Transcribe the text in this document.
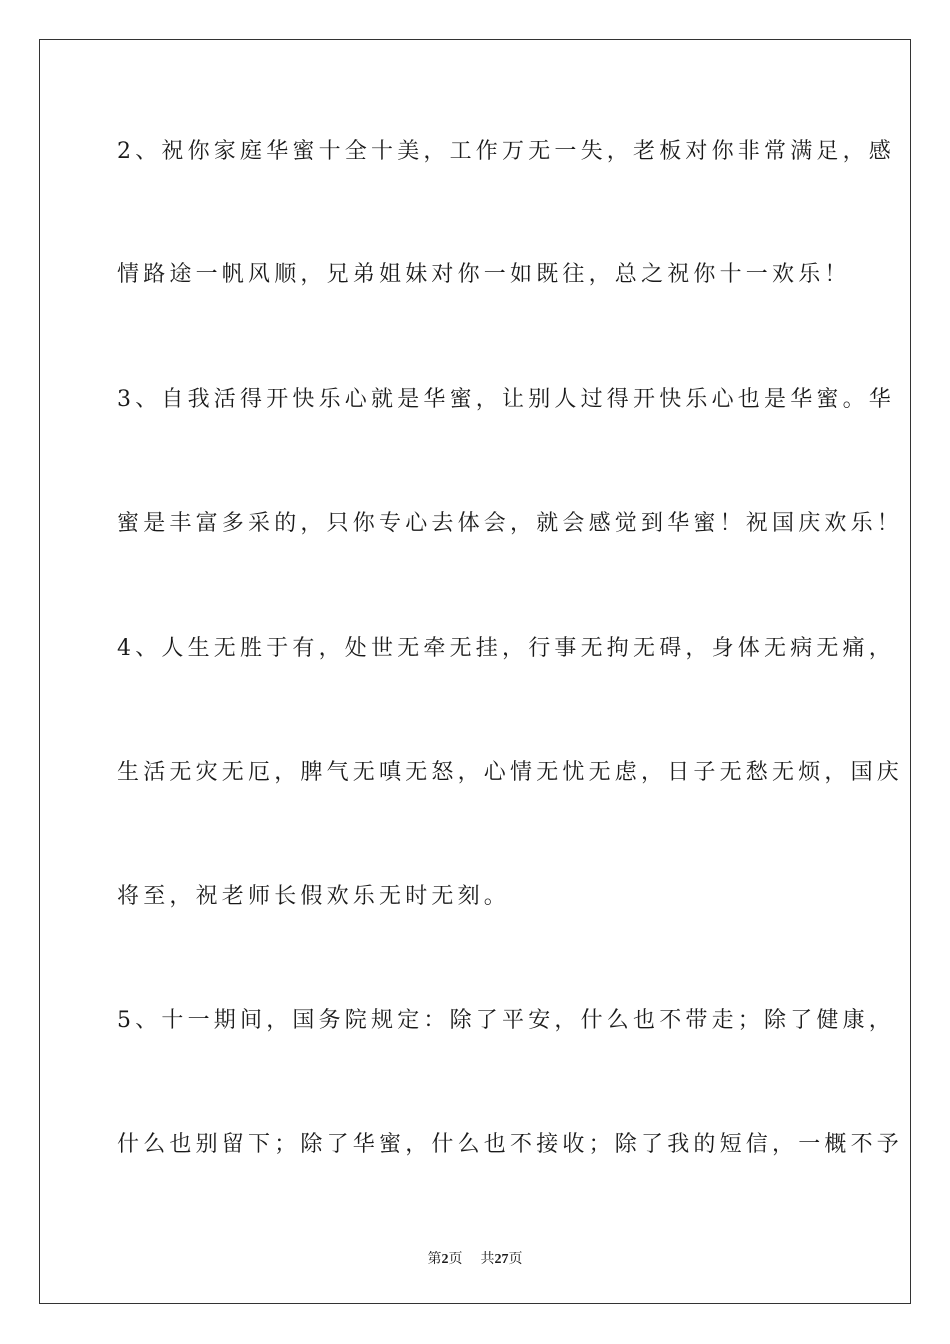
2、祝你家庭华蜜十全十美，工作万无一失，老板对你非常满足，感
情路途一帆风顺，兄弟姐妹对你一如既往，总之祝你十一欢乐！
3、自我活得开快乐心就是华蜜，让别人过得开快乐心也是华蜜。华
蜜是丰富多采的，只你专心去体会，就会感觉到华蜜！祝国庆欢乐！
4、人生无胜于有，处世无牵无挂，行事无拘无碍，身体无病无痛，
生活无灾无厄，脾气无嗔无怒，心情无忧无虑，日子无愁无烦，国庆
将至，祝老师长假欢乐无时无刻。
5、十一期间，国务院规定：除了平安，什么也不带走；除了健康，
什么也别留下；除了华蜜，什么也不接收；除了我的短信，一概不予
第2页 共27页
